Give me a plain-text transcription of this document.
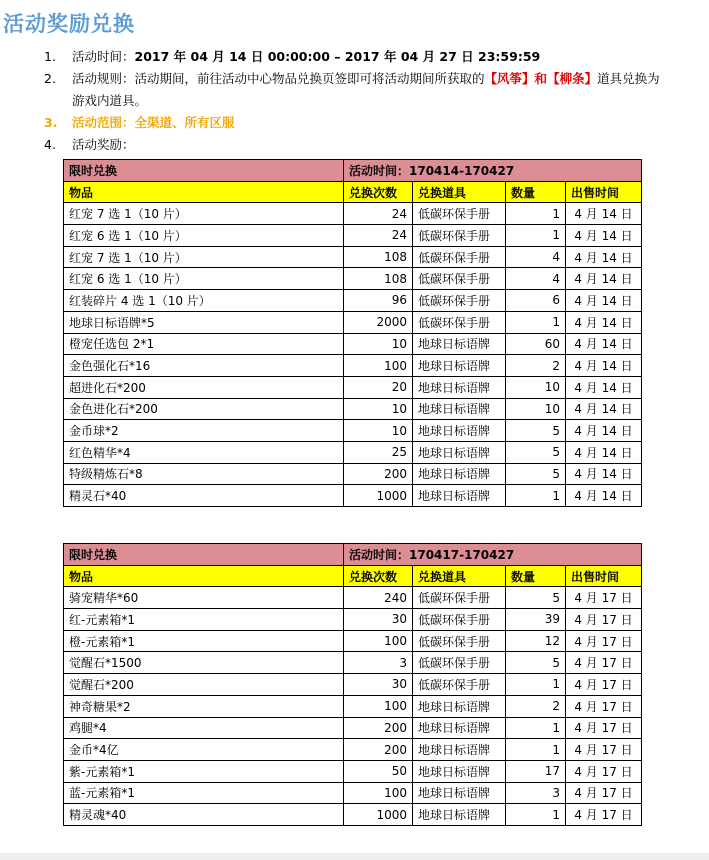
活动奖励兑换
1. 活动时间：2017 年 04 月 14 日 00:00:00 – 2017 年 04 月 27 日 23:59:59
2. 活动规则：活动期间，前往活动中心物品兑换页签即可将活动期间所获取的【风筝】和【柳条】道具兑换为
游戏内道具。
3. 活动范围：全渠道、所有区服
4. 活动奖励：
限时兑换	活动时间：170414-170427			
物品	兑换次数	兑换道具	数量	出售时间
红宠 7 选 1（10 片）	24	低碳环保手册	1	4 月 14 日
红宠 6 选 1（10 片）	24	低碳环保手册	1	4 月 14 日
红宠 7 选 1（10 片）	108	低碳环保手册	4	4 月 14 日
红宠 6 选 1（10 片）	108	低碳环保手册	4	4 月 14 日
红装碎片 4 选 1（10 片）	96	低碳环保手册	6	4 月 14 日
地球日标语牌*5	2000	低碳环保手册	1	4 月 14 日
橙宠任选包 2*1	10	地球日标语牌	60	4 月 14 日
金色强化石*16	100	地球日标语牌	2	4 月 14 日
超进化石*200	20	地球日标语牌	10	4 月 14 日
金色进化石*200	10	地球日标语牌	10	4 月 14 日
金币球*2	10	地球日标语牌	5	4 月 14 日
红色精华*4	25	地球日标语牌	5	4 月 14 日
特级精炼石*8	200	地球日标语牌	5	4 月 14 日
精灵石*40	1000	地球日标语牌	1	4 月 14 日
限时兑换	活动时间：170417-170427			
物品	兑换次数	兑换道具	数量	出售时间
骑宠精华*60	240	低碳环保手册	5	4 月 17 日
红-元素箱*1	30	低碳环保手册	39	4 月 17 日
橙-元素箱*1	100	低碳环保手册	12	4 月 17 日
觉醒石*1500	3	低碳环保手册	5	4 月 17 日
觉醒石*200	30	低碳环保手册	1	4 月 17 日
神奇糖果*2	100	地球日标语牌	2	4 月 17 日
鸡腿*4	200	地球日标语牌	1	4 月 17 日
金币*4亿	200	地球日标语牌	1	4 月 17 日
紫-元素箱*1	50	地球日标语牌	17	4 月 17 日
蓝-元素箱*1	100	地球日标语牌	3	4 月 17 日
精灵魂*40	1000	地球日标语牌	1	4 月 17 日
